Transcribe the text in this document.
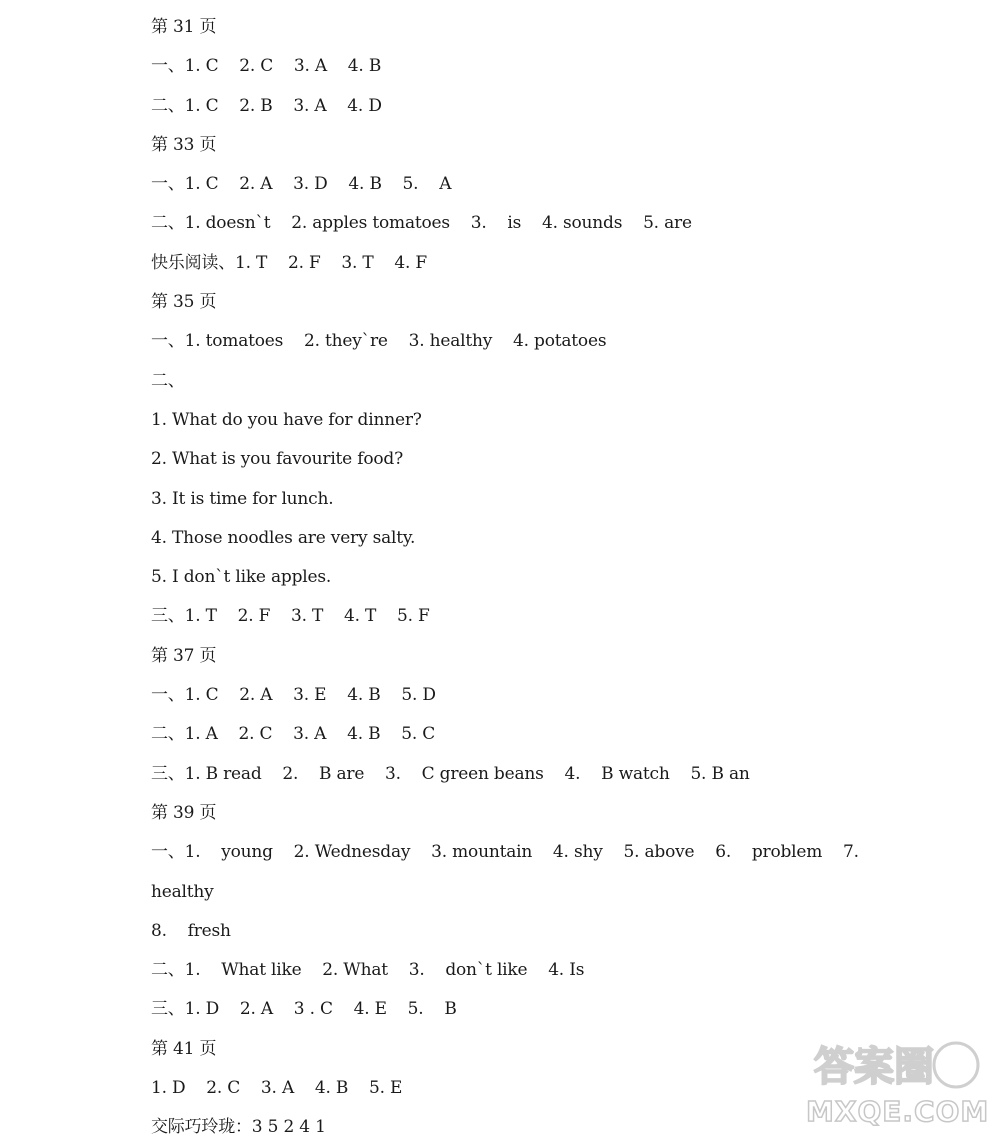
第 31 页
一、1. C    2. C    3. A    4. B
二、1. C    2. B    3. A    4. D
第 33 页
一、1. C    2. A    3. D    4. B    5.    A
二、1. doesn`t    2. apples tomatoes    3.    is    4. sounds    5. are
快乐阅读、1. T    2. F    3. T    4. F
第 35 页
一、1. tomatoes    2. they`re    3. healthy    4. potatoes
二、
1. What do you have for dinner?
2. What is you favourite food?
3. It is time for lunch.
4. Those noodles are very salty.
5. I don`t like apples.
三、1. T    2. F    3. T    4. T    5. F
第 37 页
一、1. C    2. A    3. E    4. B    5. D
二、1. A    2. C    3. A    4. B    5. C
三、1. B read    2.    B are    3.    C green beans    4.    B watch    5. B an
第 39 页
一、1.    young    2. Wednesday    3. mountain    4. shy    5. above    6.    problem    7.
healthy
8.    fresh
二、1.    What like    2. What    3.    don`t like    4. Is
三、1. D    2. A    3 . C    4. E    5.    B
第 41 页
1. D    2. C    3. A    4. B    5. E
交际巧玲珑：3 5 2 4 1
答案圈
MXQE.COM
